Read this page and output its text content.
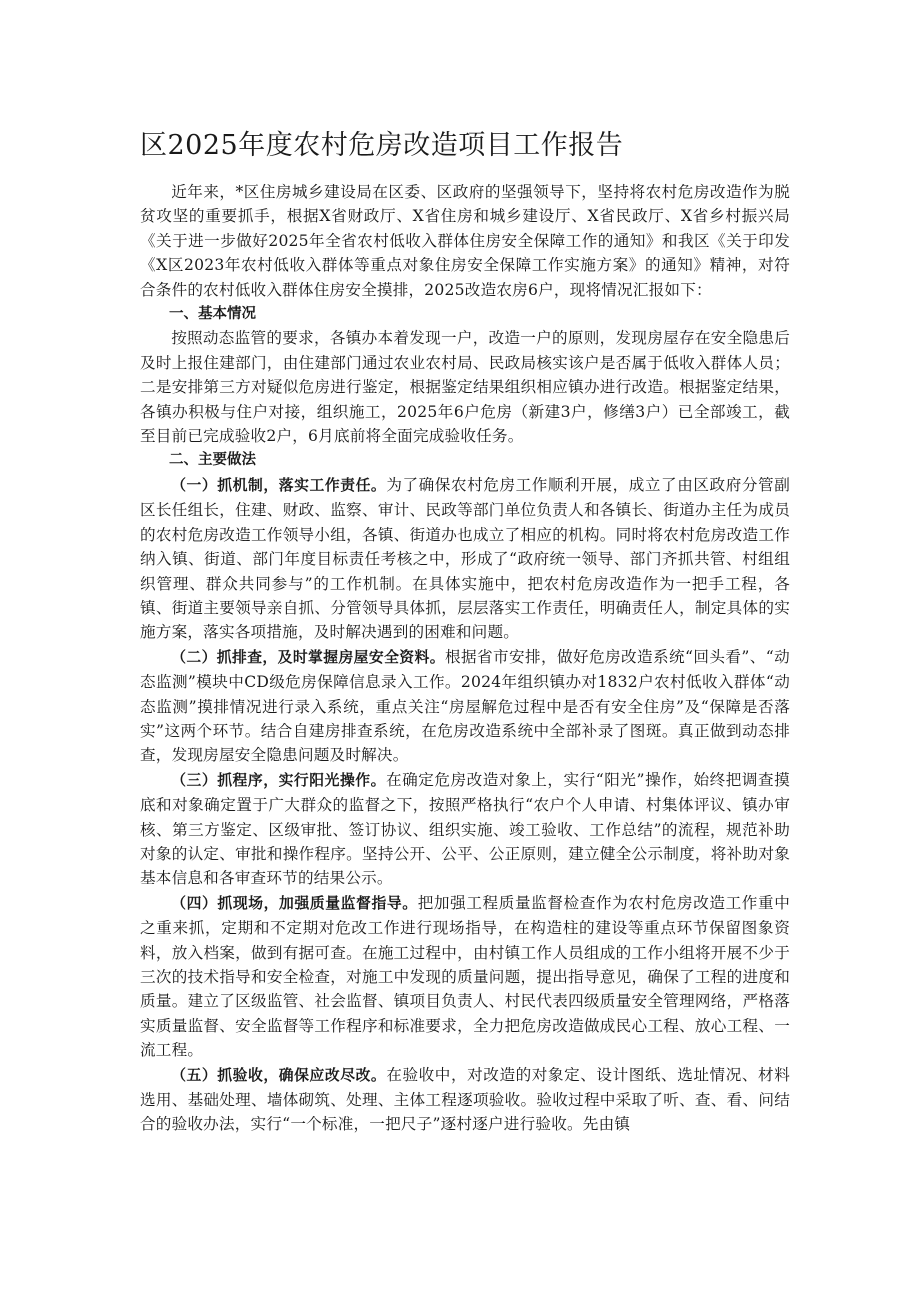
区2025年度农村危房改造项目工作报告

近年来，*区住房城乡建设局在区委、区政府的坚强领导下，坚持将农村危房改造作为脱贫攻坚的重要抓手，根据X省财政厅、X省住房和城乡建设厅、X省民政厅、X省乡村振兴局《关于进一步做好2025年全省农村低收入群体住房安全保障工作的通知》和我区《关于印发《X区2023年农村低收入群体等重点对象住房安全保障工作实施方案》的通知》精神，对符合条件的农村低收入群体住房安全摸排，2025改造农房6户，现将情况汇报如下：

一、基本情况

按照动态监管的要求，各镇办本着发现一户，改造一户的原则，发现房屋存在安全隐患后及时上报住建部门，由住建部门通过农业农村局、民政局核实该户是否属于低收入群体人员；二是安排第三方对疑似危房进行鉴定，根据鉴定结果组织相应镇办进行改造。根据鉴定结果，各镇办积极与住户对接，组织施工，2025年6户危房（新建3户，修缮3户）已全部竣工，截至目前已完成验收2户，6月底前将全面完成验收任务。

二、主要做法

（一）抓机制，落实工作责任。为了确保农村危房工作顺利开展，成立了由区政府分管副区长任组长，住建、财政、监察、审计、民政等部门单位负责人和各镇长、街道办主任为成员的农村危房改造工作领导小组，各镇、街道办也成立了相应的机构。同时将农村危房改造工作纳入镇、街道、部门年度目标责任考核之中，形成了“政府统一领导、部门齐抓共管、村组组织管理、群众共同参与”的工作机制。在具体实施中，把农村危房改造作为一把手工程，各镇、街道主要领导亲自抓、分管领导具体抓，层层落实工作责任，明确责任人，制定具体的实施方案，落实各项措施，及时解决遇到的困难和问题。

（二）抓排查，及时掌握房屋安全资料。根据省市安排，做好危房改造系统“回头看”、“动态监测”模块中CD级危房保障信息录入工作。2024年组织镇办对1832户农村低收入群体“动态监测”摸排情况进行录入系统，重点关注“房屋解危过程中是否有安全住房”及“保障是否落实”这两个环节。结合自建房排查系统，在危房改造系统中全部补录了图斑。真正做到动态排查，发现房屋安全隐患问题及时解决。

（三）抓程序，实行阳光操作。在确定危房改造对象上，实行“阳光”操作，始终把调查摸底和对象确定置于广大群众的监督之下，按照严格执行“农户个人申请、村集体评议、镇办审核、第三方鉴定、区级审批、签订协议、组织实施、竣工验收、工作总结”的流程，规范补助对象的认定、审批和操作程序。坚持公开、公平、公正原则，建立健全公示制度，将补助对象基本信息和各审查环节的结果公示。

（四）抓现场，加强质量监督指导。把加强工程质量监督检查作为农村危房改造工作重中之重来抓，定期和不定期对危改工作进行现场指导，在构造柱的建设等重点环节保留图象资料，放入档案，做到有据可查。在施工过程中，由村镇工作人员组成的工作小组将开展不少于三次的技术指导和安全检查，对施工中发现的质量问题，提出指导意见，确保了工程的进度和质量。建立了区级监管、社会监督、镇项目负责人、村民代表四级质量安全管理网络，严格落实质量监督、安全监督等工作程序和标准要求，全力把危房改造做成民心工程、放心工程、一流工程。

（五）抓验收，确保应改尽改。在验收中，对改造的对象定、设计图纸、选址情况、材料选用、基础处理、墙体砌筑、处理、主体工程逐项验收。验收过程中采取了听、查、看、问结合的验收办法，实行“一个标准，一把尺子”逐村逐户进行验收。先由镇
